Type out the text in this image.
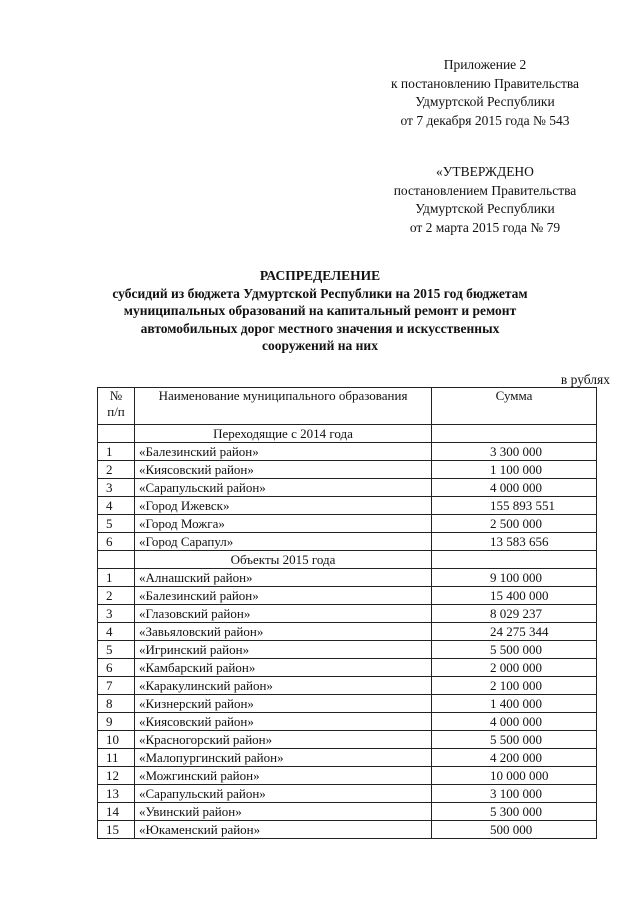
Приложение 2
к постановлению Правительства
Удмуртской Республики
от 7 декабря 2015 года № 543
«УТВЕРЖДЕНО
постановлением Правительства
Удмуртской Республики
от 2 марта 2015 года № 79
РАСПРЕДЕЛЕНИЕ
субсидий из бюджета Удмуртской Республики на 2015 год бюджетам
муниципальных образований на капитальный ремонт и ремонт
автомобильных дорог местного значения и искусственных
сооружений на них
в рублях
№
п/п	Наименование муниципального образования	Сумма
	Переходящие с 2014 года	
1	«Балезинский район»	3 300 000
2	«Киясовский район»	1 100 000
3	«Сарапульский район»	4 000 000
4	«Город Ижевск»	155 893 551
5	«Город Можга»	2 500 000
6	«Город Сарапул»	13 583 656
	Объекты 2015 года	
1	«Алнашский район»	9 100 000
2	«Балезинский район»	15 400 000
3	«Глазовский район»	8 029 237
4	«Завьяловский район»	24 275 344
5	«Игринский район»	5 500 000
6	«Камбарский район»	2 000 000
7	«Каракулинский район»	2 100 000
8	«Кизнерский район»	1 400 000
9	«Киясовский район»	4 000 000
10	«Красногорский район»	5 500 000
11	«Малопургинский район»	4 200 000
12	«Можгинский район»	10 000 000
13	«Сарапульский район»	3 100 000
14	«Увинский район»	5 300 000
15	«Юкаменский район»	500 000
